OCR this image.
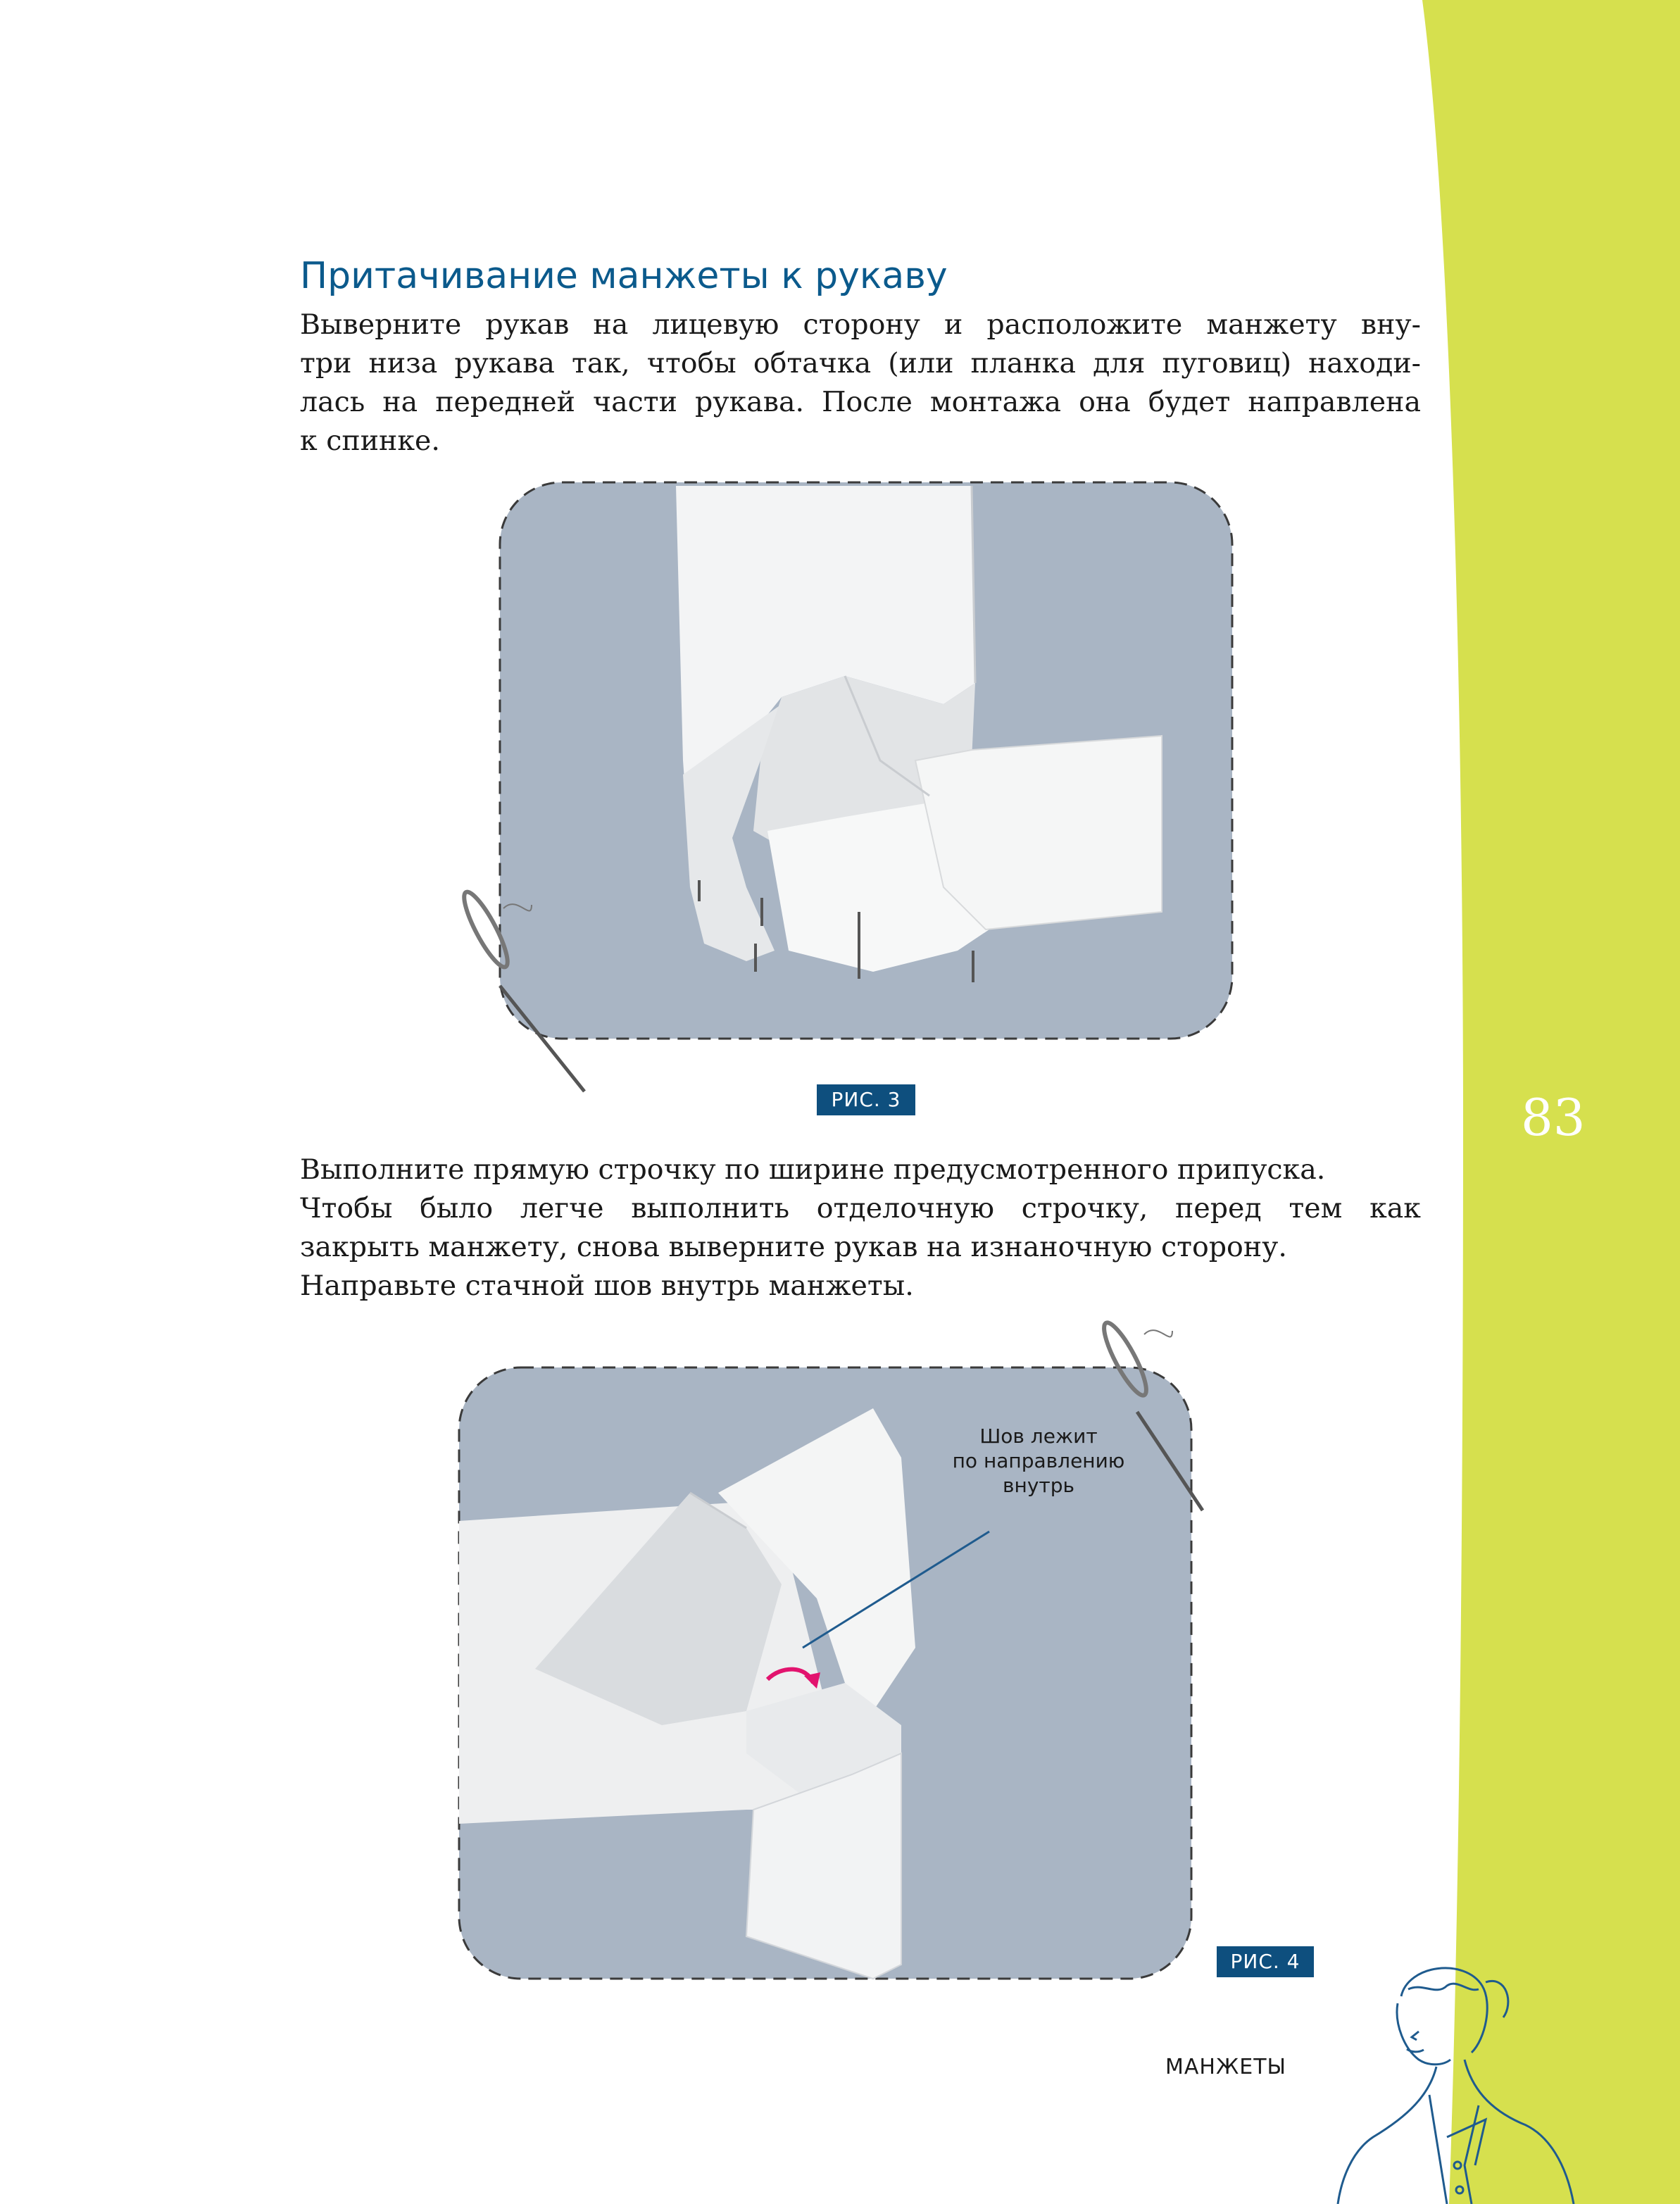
Притачивание манжеты к рукаву

Выверните рукав на лицевую сторону и расположите манжету вну-
три низа рукава так, чтобы обтачка (или планка для пуговиц) находи-
лась на передней части рукава. После монтажа она будет направлена
к спинке.

РИС. 3

Выполните прямую строчку по ширине предусмотренного припуска.
Чтобы было легче выполнить отделочную строчку, перед тем как
закрыть манжету, снова выверните рукав на изнаночную сторону.
Направьте стачной шов внутрь манжеты.

Шов лежит
по направлению
внутрь
РИС. 4
83
МАНЖЕТЫ
